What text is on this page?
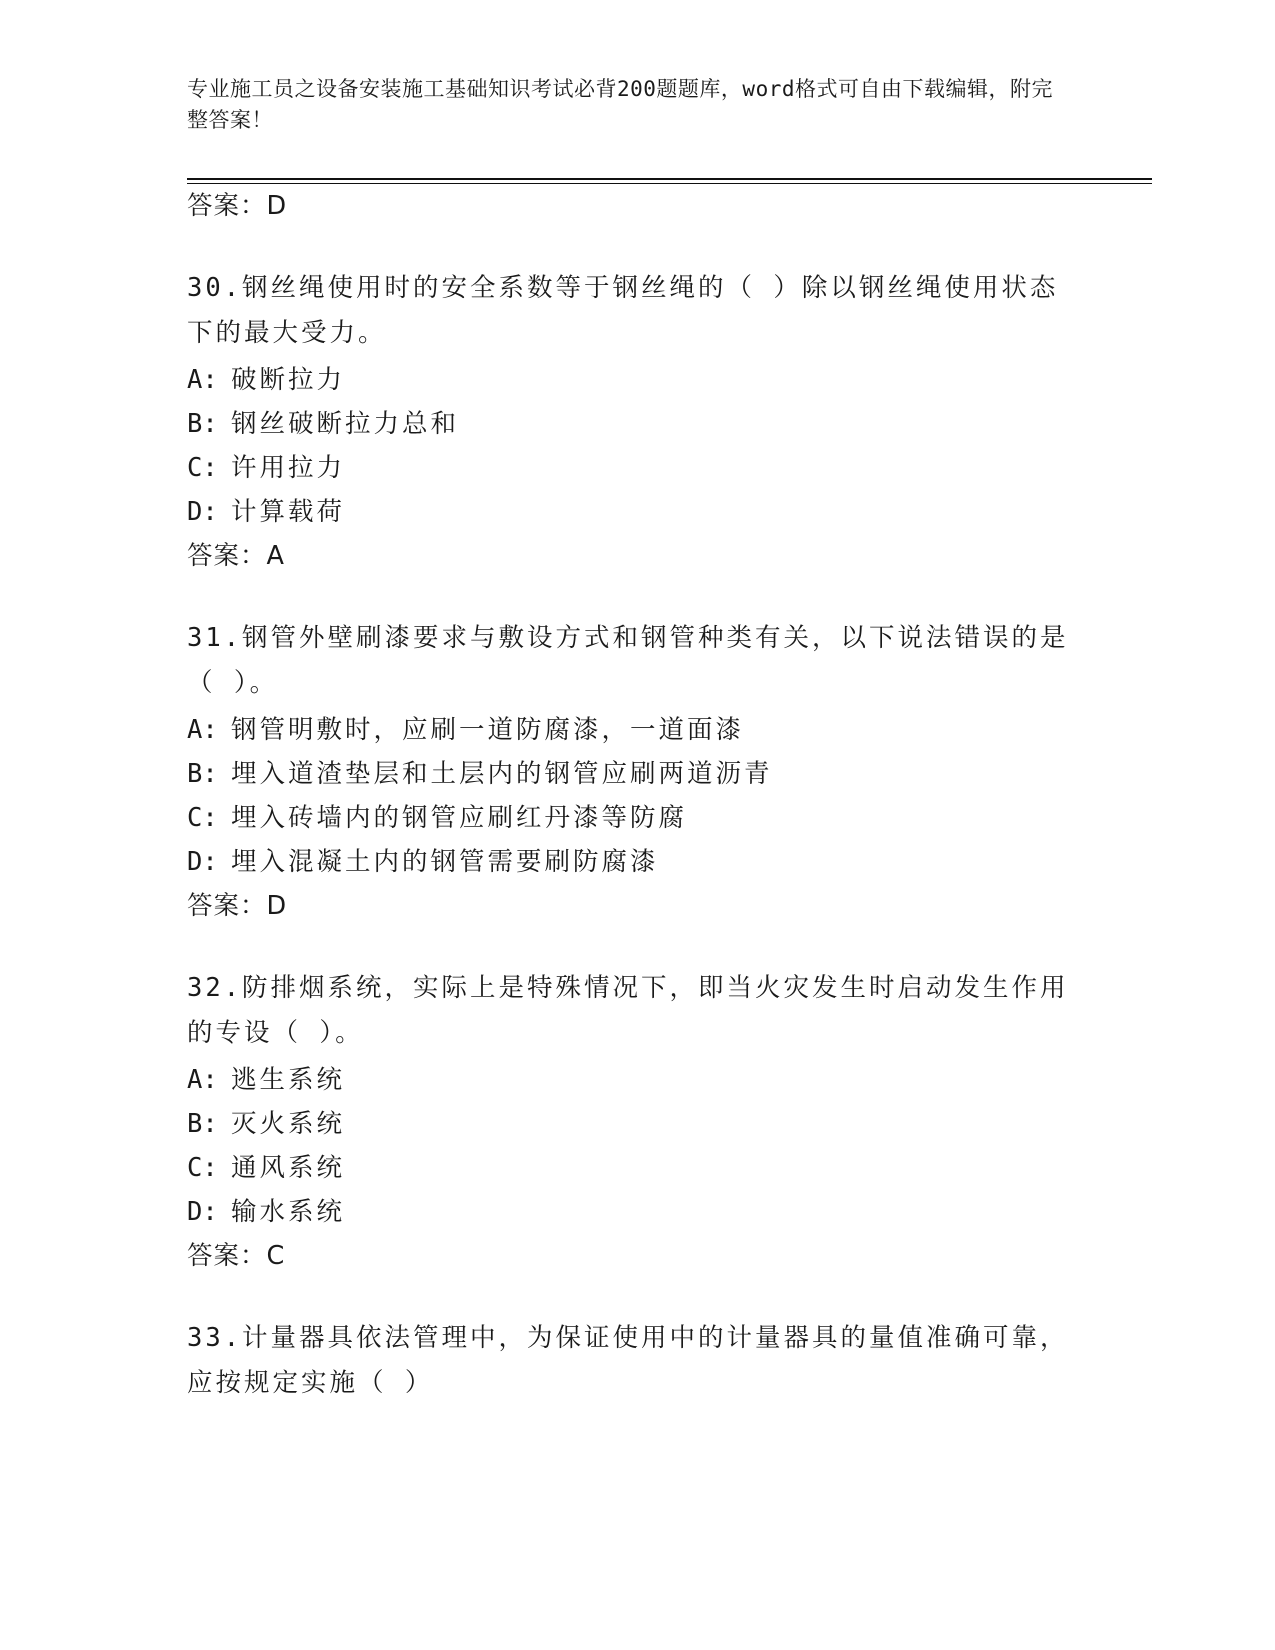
专业施工员之设备安装施工基础知识考试必背200题题库，word格式可自由下载编辑，附完整答案！
答案：D
30.钢丝绳使用时的安全系数等于钢丝绳的（ ）除以钢丝绳使用状态下的最大受力。
A: 破断拉力
B: 钢丝破断拉力总和
C: 许用拉力
D: 计算载荷
答案：A
31.钢管外壁刷漆要求与敷设方式和钢管种类有关，以下说法错误的是（ ）。
A: 钢管明敷时，应刷一道防腐漆，一道面漆
B: 埋入道渣垫层和土层内的钢管应刷两道沥青
C: 埋入砖墙内的钢管应刷红丹漆等防腐
D: 埋入混凝土内的钢管需要刷防腐漆
答案：D
32.防排烟系统，实际上是特殊情况下，即当火灾发生时启动发生作用的专设（ ）。
A: 逃生系统
B: 灭火系统
C: 通风系统
D: 输水系统
答案：C
33.计量器具依法管理中，为保证使用中的计量器具的量值准确可靠，应按规定实施（ ）
